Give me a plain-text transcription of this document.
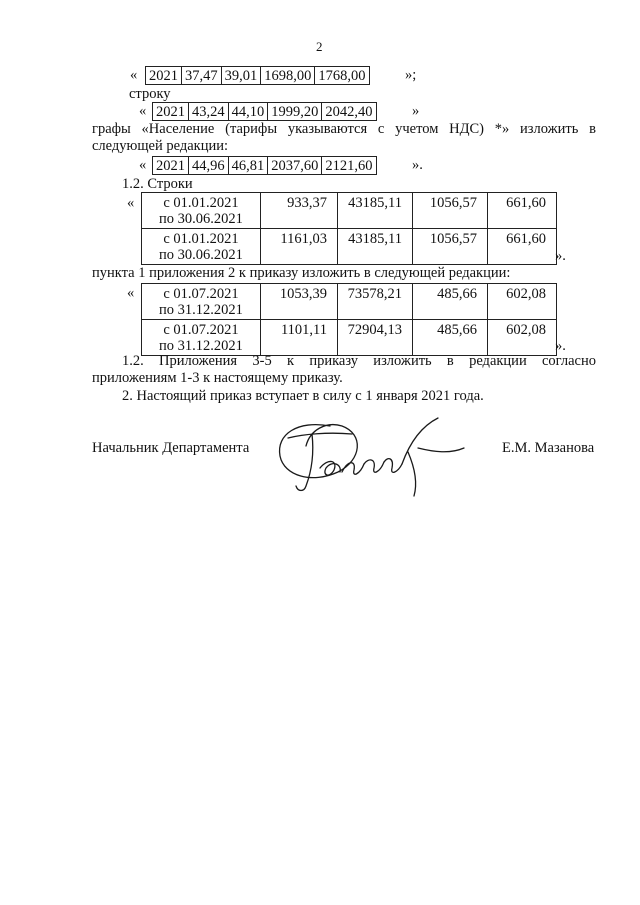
2
« 2021	37,47	39,01	1698,00	1768,00	»;
строку
« 2021	43,24	44,10	1999,20	2042,40	»
графы «Население (тарифы указываются с учетом НДС) *» изложить в
следующей редакции:
« 2021	44,96	46,81	2037,60	2121,60	».
1.2. Строки
«	с 01.01.2021
по 30.06.2021	933,37	43185,11	1056,57	661,60

с 01.01.2021
по 30.06.2021	1161,03	43185,11	1056,57	661,60
».
пункта 1 приложения 2 к приказу изложить в следующей редакции:
«	с 01.07.2021
по 31.12.2021	1053,39	73578,21	485,66	602,08

с 01.07.2021
по 31.12.2021	1101,11	72904,13	485,66	602,08
».
1.2. Приложения 3-5 к приказу изложить в редакции согласно
приложениям 1-3 к настоящему приказу.
2. Настоящий приказ вступает в силу с 1 января 2021 года.
Начальник Департамента	Е.М. Мазанова
